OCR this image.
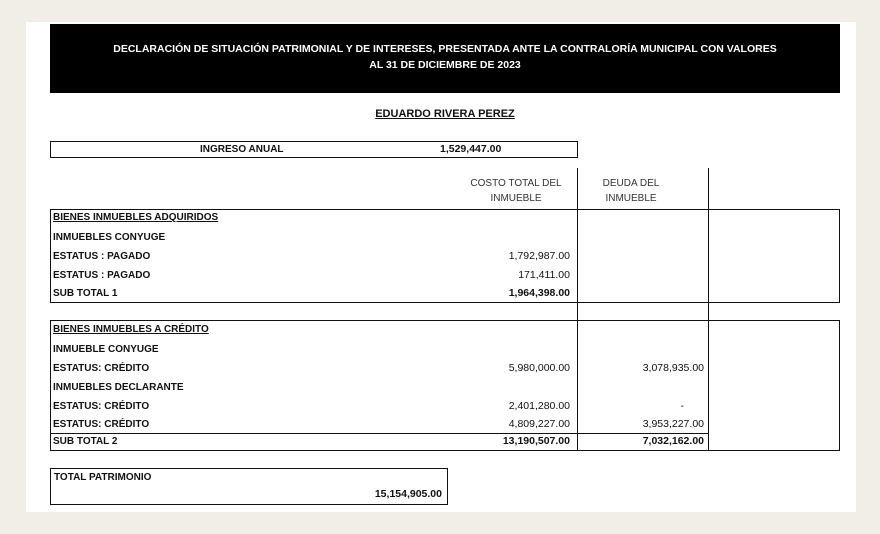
DECLARACIÓN DE SITUACIÓN PATRIMONIAL Y DE INTERESES, PRESENTADA ANTE LA CONTRALORÍA MUNICIPAL CON VALORES
AL 31 DE DICIEMBRE DE 2023
EDUARDO RIVERA PEREZ
INGRESO ANUAL	1,529,447.00
COSTO TOTAL DEL
INMUEBLE
DEUDA DEL
INMUEBLE
BIENES INMUEBLES ADQUIRIDOS
INMUEBLES CONYUGE
ESTATUS : PAGADO	1,792,987.00
ESTATUS : PAGADO	171,411.00
SUB TOTAL 1	1,964,398.00
BIENES INMUEBLES A CRÉDITO
INMUEBLE CONYUGE
ESTATUS: CRÉDITO	5,980,000.00	3,078,935.00
INMUEBLES DECLARANTE
ESTATUS: CRÉDITO	2,401,280.00	-
ESTATUS: CRÉDITO	4,809,227.00	3,953,227.00
SUB TOTAL 2	13,190,507.00	7,032,162.00
TOTAL PATRIMONIO
15,154,905.00
